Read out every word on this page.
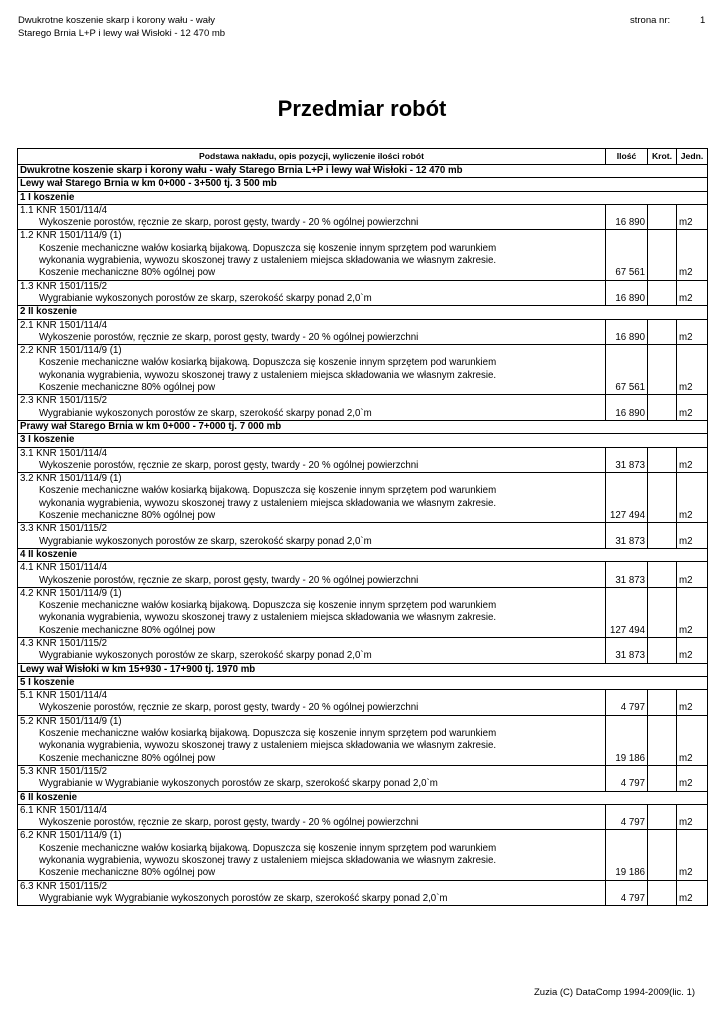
Dwukrotne koszenie skarp i korony wału - wały
Starego Brnia L+P i lewy wał Wisłoki - 12 470 mb
strona nr:	1
Przedmiar robót
Podstawa nakładu, opis pozycji, wyliczenie ilości robót	Ilość	Krot.	Jedn.
Dwukrotne koszenie skarp i korony wału - wały Starego Brnia L+P i lewy wał Wisłoki - 12 470 mb			
Lewy wał Starego Brnia w km 0+000 - 3+500 tj. 3 500 mb			
1 I koszenie			

1.1 KNR 1501/114/4
Wykoszenie porostów, ręcznie ze skarp, porost gęsty, twardy - 20 % ogólnej powierzchni	16 890		m2

1.2 KNR 1501/114/9 (1)
Koszenie mechaniczne wałów kosiarką bijakową. Dopuszcza się koszenie innym sprzętem pod warunkiem
wykonania wygrabienia, wywozu skoszonej trawy z ustaleniem miejsca składowania we własnym zakresie.
Koszenie mechaniczne 80% ogólnej pow	67 561		m2

1.3 KNR 1501/115/2
Wygrabianie wykoszonych porostów ze skarp, szerokość skarpy ponad 2,0`m	16 890		m2
2 II koszenie			

2.1 KNR 1501/114/4
Wykoszenie porostów, ręcznie ze skarp, porost gęsty, twardy - 20 % ogólnej powierzchni	16 890		m2

2.2 KNR 1501/114/9 (1)
Koszenie mechaniczne wałów kosiarką bijakową. Dopuszcza się koszenie innym sprzętem pod warunkiem
wykonania wygrabienia, wywozu skoszonej trawy z ustaleniem miejsca składowania we własnym zakresie.
Koszenie mechaniczne 80% ogólnej pow	67 561		m2

2.3 KNR 1501/115/2
Wygrabianie wykoszonych porostów ze skarp, szerokość skarpy ponad 2,0`m	16 890		m2
Prawy wał Starego Brnia w km 0+000 - 7+000 tj. 7 000 mb			
3 I koszenie			

3.1 KNR 1501/114/4
Wykoszenie porostów, ręcznie ze skarp, porost gęsty, twardy - 20 % ogólnej powierzchni	31 873		m2

3.2 KNR 1501/114/9 (1)
Koszenie mechaniczne wałów kosiarką bijakową. Dopuszcza się koszenie innym sprzętem pod warunkiem
wykonania wygrabienia, wywozu skoszonej trawy z ustaleniem miejsca składowania we własnym zakresie.
Koszenie mechaniczne 80% ogólnej pow	127 494		m2

3.3 KNR 1501/115/2
Wygrabianie wykoszonych porostów ze skarp, szerokość skarpy ponad 2,0`m	31 873		m2
4 II koszenie			

4.1 KNR 1501/114/4
Wykoszenie porostów, ręcznie ze skarp, porost gęsty, twardy - 20 % ogólnej powierzchni	31 873		m2

4.2 KNR 1501/114/9 (1)
Koszenie mechaniczne wałów kosiarką bijakową. Dopuszcza się koszenie innym sprzętem pod warunkiem
wykonania wygrabienia, wywozu skoszonej trawy z ustaleniem miejsca składowania we własnym zakresie.
Koszenie mechaniczne 80% ogólnej pow	127 494		m2

4.3 KNR 1501/115/2
Wygrabianie wykoszonych porostów ze skarp, szerokość skarpy ponad 2,0`m	31 873		m2
Lewy wał Wisłoki w km 15+930 - 17+900 tj. 1970 mb			
5 I koszenie			

5.1 KNR 1501/114/4
Wykoszenie porostów, ręcznie ze skarp, porost gęsty, twardy - 20 % ogólnej powierzchni	4 797		m2

5.2 KNR 1501/114/9 (1)
Koszenie mechaniczne wałów kosiarką bijakową. Dopuszcza się koszenie innym sprzętem pod warunkiem
wykonania wygrabienia, wywozu skoszonej trawy z ustaleniem miejsca składowania we własnym zakresie.
Koszenie mechaniczne 80% ogólnej pow	19 186		m2

5.3 KNR 1501/115/2
Wygrabianie w Wygrabianie wykoszonych porostów ze skarp, szerokość skarpy ponad 2,0`m	4 797		m2
6 II koszenie			

6.1 KNR 1501/114/4
Wykoszenie porostów, ręcznie ze skarp, porost gęsty, twardy - 20 % ogólnej powierzchni	4 797		m2

6.2 KNR 1501/114/9 (1)
Koszenie mechaniczne wałów kosiarką bijakową. Dopuszcza się koszenie innym sprzętem pod warunkiem
wykonania wygrabienia, wywozu skoszonej trawy z ustaleniem miejsca składowania we własnym zakresie.
Koszenie mechaniczne 80% ogólnej pow	19 186		m2

6.3 KNR 1501/115/2
Wygrabianie wyk Wygrabianie wykoszonych porostów ze skarp, szerokość skarpy ponad 2,0`m	4 797		m2
Zuzia (C) DataComp 1994-2009(lic. 1)
